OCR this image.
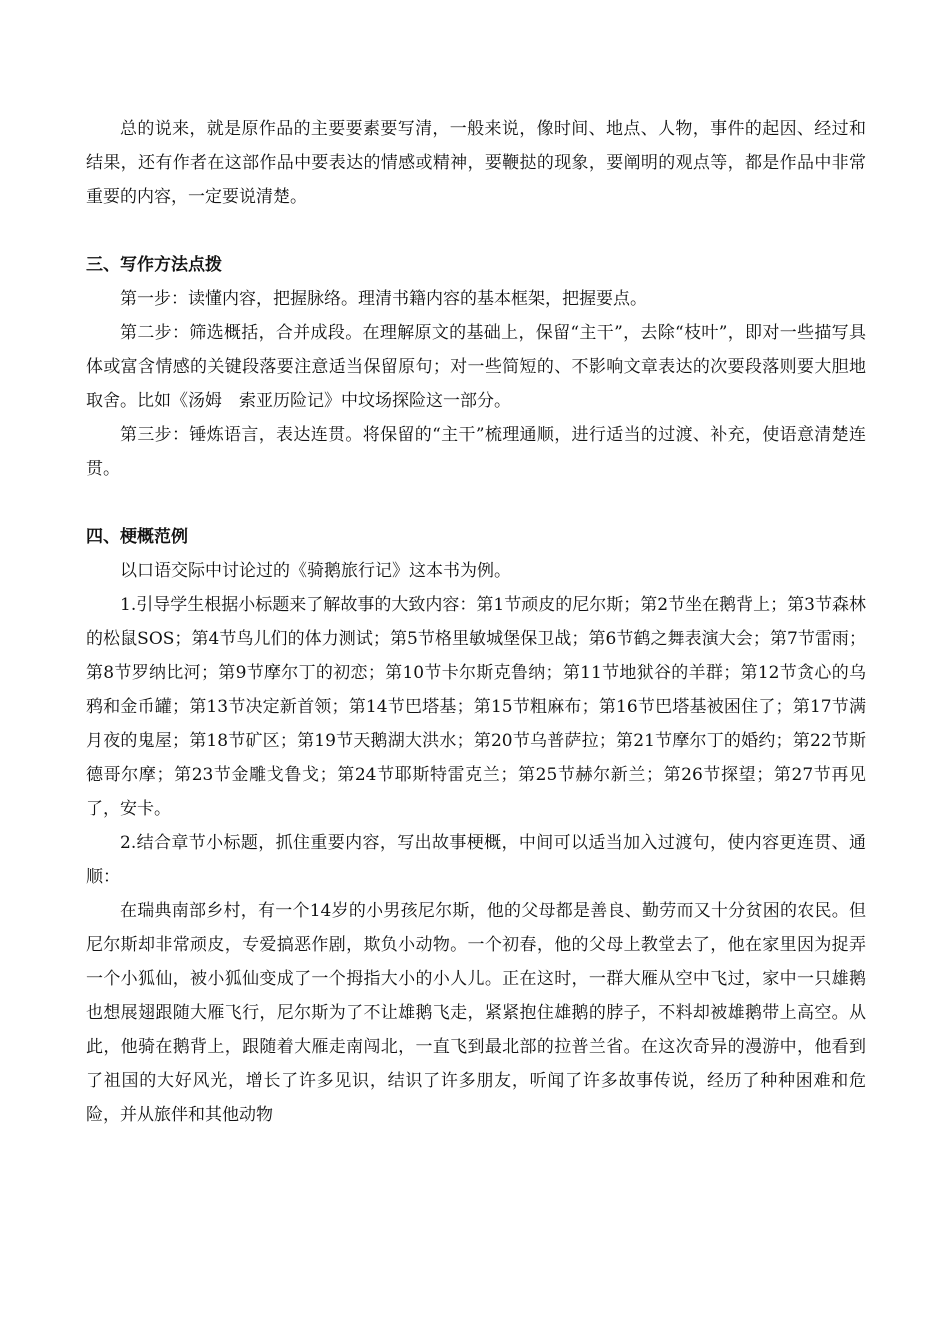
总的说来，就是原作品的主要要素要写清，一般来说，像时间、地点、人物，事件的起因、经过和结果，还有作者在这部作品中要表达的情感或精神，要鞭挞的现象，要阐明的观点等，都是作品中非常重要的内容，一定要说清楚。

三、写作方法点拨

第一步：读懂内容，把握脉络。理清书籍内容的基本框架，把握要点。

第二步：筛选概括，合并成段。在理解原文的基础上，保留“主干”，去除“枝叶”，即对一些描写具体或富含情感的关键段落要注意适当保留原句；对一些简短的、不影响文章表达的次要段落则要大胆地取舍。比如《汤姆　索亚历险记》中坟场探险这一部分。

第三步：锤炼语言，表达连贯。将保留的“主干”梳理通顺，进行适当的过渡、补充，使语意清楚连贯。

四、梗概范例

以口语交际中讨论过的《骑鹅旅行记》这本书为例。

1.引导学生根据小标题来了解故事的大致内容：第1节顽皮的尼尔斯；第2节坐在鹅背上；第3节森林的松鼠SOS；第4节鸟儿们的体力测试；第5节格里敏城堡保卫战；第6节鹤之舞表演大会；第7节雷雨；第8节罗纳比河；第9节摩尔丁的初恋；第10节卡尔斯克鲁纳；第11节地狱谷的羊群；第12节贪心的乌鸦和金币罐；第13节决定新首领；第14节巴塔基；第15节粗麻布；第16节巴塔基被困住了；第17节满月夜的鬼屋；第18节矿区；第19节天鹅湖大洪水；第20节乌普萨拉；第21节摩尔丁的婚约；第22节斯德哥尔摩；第23节金雕戈鲁戈；第24节耶斯特雷克兰；第25节赫尔新兰；第26节探望；第27节再见了，安卡。

2.结合章节小标题，抓住重要内容，写出故事梗概，中间可以适当加入过渡句，使内容更连贯、通顺：

在瑞典南部乡村，有一个14岁的小男孩尼尔斯，他的父母都是善良、勤劳而又十分贫困的农民。但尼尔斯却非常顽皮，专爱搞恶作剧，欺负小动物。一个初春，他的父母上教堂去了，他在家里因为捉弄一个小狐仙，被小狐仙变成了一个拇指大小的小人儿。正在这时，一群大雁从空中飞过，家中一只雄鹅也想展翅跟随大雁飞行，尼尔斯为了不让雄鹅飞走，紧紧抱住雄鹅的脖子，不料却被雄鹅带上高空。从此，他骑在鹅背上，跟随着大雁走南闯北，一直飞到最北部的拉普兰省。在这次奇异的漫游中，他看到了祖国的大好风光，增长了许多见识，结识了许多朋友，听闻了许多故事传说，经历了种种困难和危险，并从旅伴和其他动物
